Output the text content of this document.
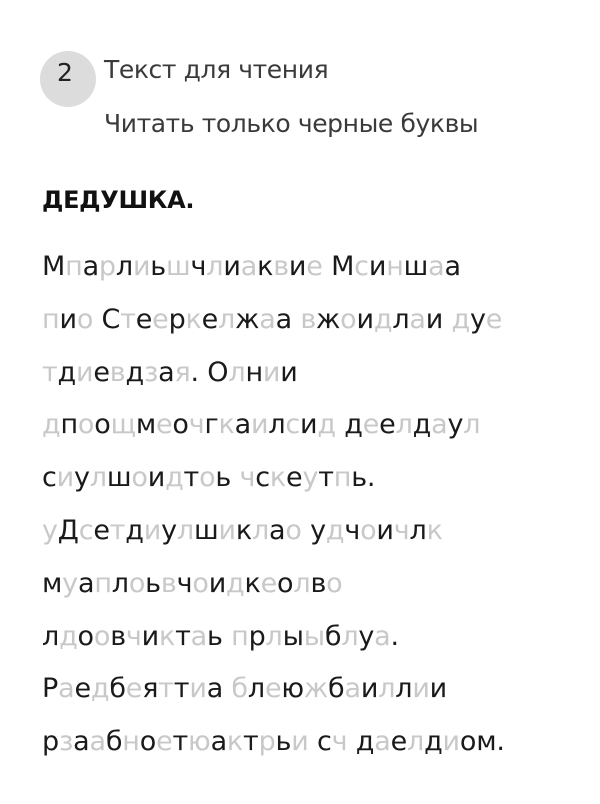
2	Текст для чтения
Читать только черные буквы
ДЕДУШКА.
Мпарлиьшчлиаквие Мсиншаа
пио Стееркелжаа вжоидлаи дуе
тдиевдзая. Олнии
дпоощмеочгкаилсид деелдаул
сиулшоидтоь чскеутпь.
уДсетдиулшиклао удчоичлк
муаплоьвчоидкеолво
лдоовчиктаь прлыыблуа.
Раедбеяттиа блеюжбаиллии
рзаабноетюактрьи сч даелдиом.
